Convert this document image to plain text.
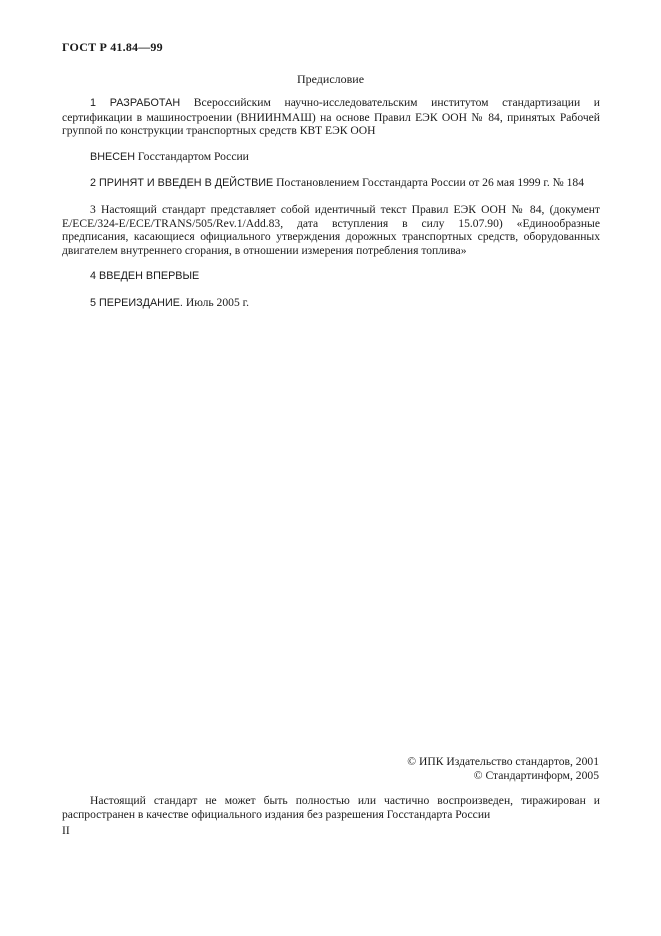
ГОСТ Р 41.84—99
Предисловие

1 РАЗРАБОТАН Всероссийским научно-исследовательским институтом стандартизации и сертификации в машиностроении (ВНИИНМАШ) на основе Правил ЕЭК ООН № 84, принятых Рабочей группой по конструкции транспортных средств КВТ ЕЭК ООН

ВНЕСЕН Госстандартом России

2 ПРИНЯТ И ВВЕДЕН В ДЕЙСТВИЕ Постановлением Госстандарта России от 26 мая 1999 г. № 184

3 Настоящий стандарт представляет собой идентичный текст Правил ЕЭК ООН № 84, (документ E/ECE/324-E/ECE/TRANS/505/Rev.1/Add.83, дата вступления в силу 15.07.90) «Единообразные предписания, касающиеся официального утверждения дорожных транспортных средств, оборудованных двигателем внутреннего сгорания, в отношении измерения потребления топлива»

4 ВВЕДЕН ВПЕРВЫЕ

5 ПЕРЕИЗДАНИЕ. Июль 2005 г.

© ИПК Издательство стандартов, 2001
© Стандартинформ, 2005
Настоящий стандарт не может быть полностью или частично воспроизведен, тиражирован и распространен в качестве официального издания без разрешения Госстандарта России
II
